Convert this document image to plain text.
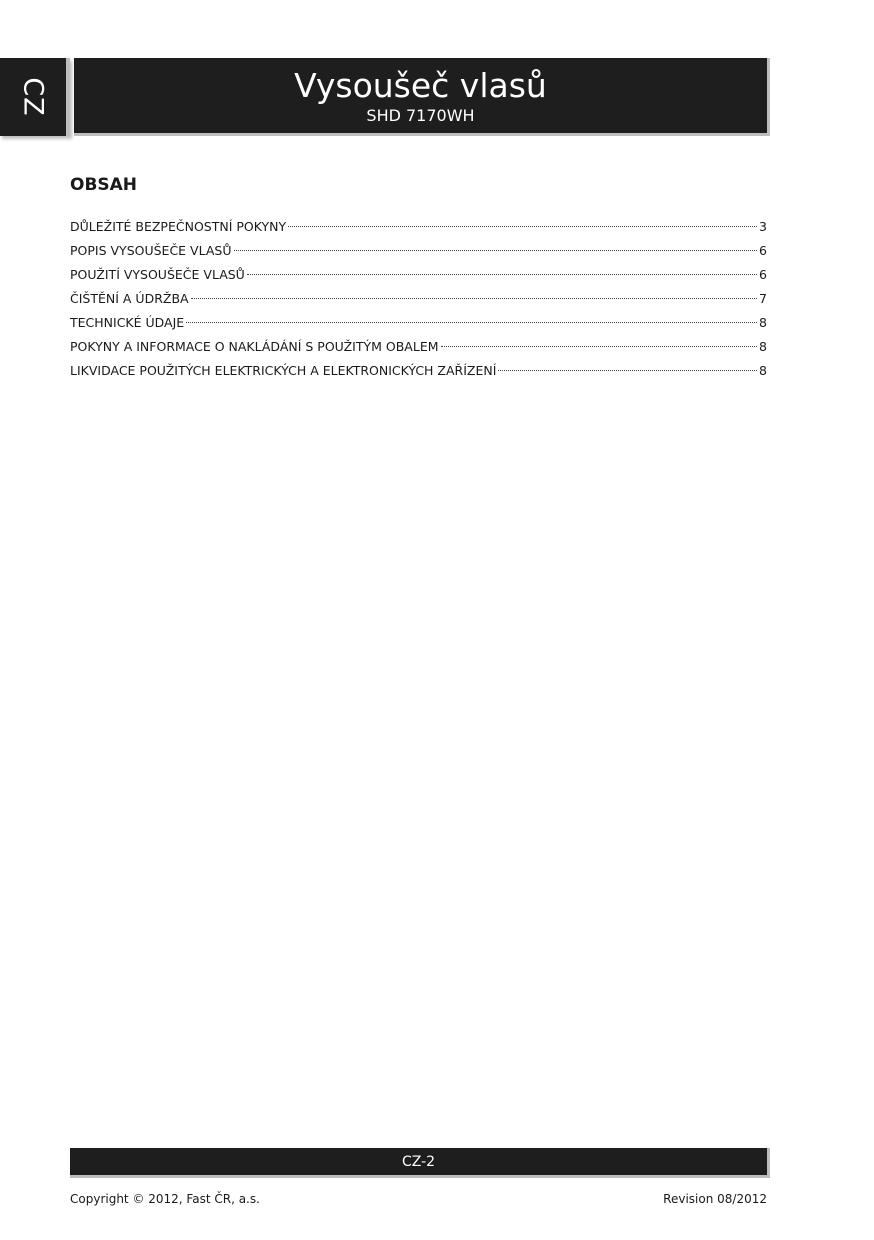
CZ	Vysoušeč vlasů
SHD 7170WH
OBSAH
DŮLEŽITÉ BEZPEČNOSTNÍ POKYNY	3
POPIS VYSOUŠEČE VLASŮ	6
POUŽITÍ VYSOUŠEČE VLASŮ	6
ČIŠTĚNÍ A ÚDRŽBA	7
TECHNICKÉ ÚDAJE	8
POKYNY A INFORMACE O NAKLÁDÁNÍ S POUŽITÝM OBALEM	8
LIKVIDACE POUŽITÝCH ELEKTRICKÝCH A ELEKTRONICKÝCH ZAŘÍZENÍ	8
CZ-2
Copyright © 2012, Fast ČR, a.s.	Revision 08/2012
